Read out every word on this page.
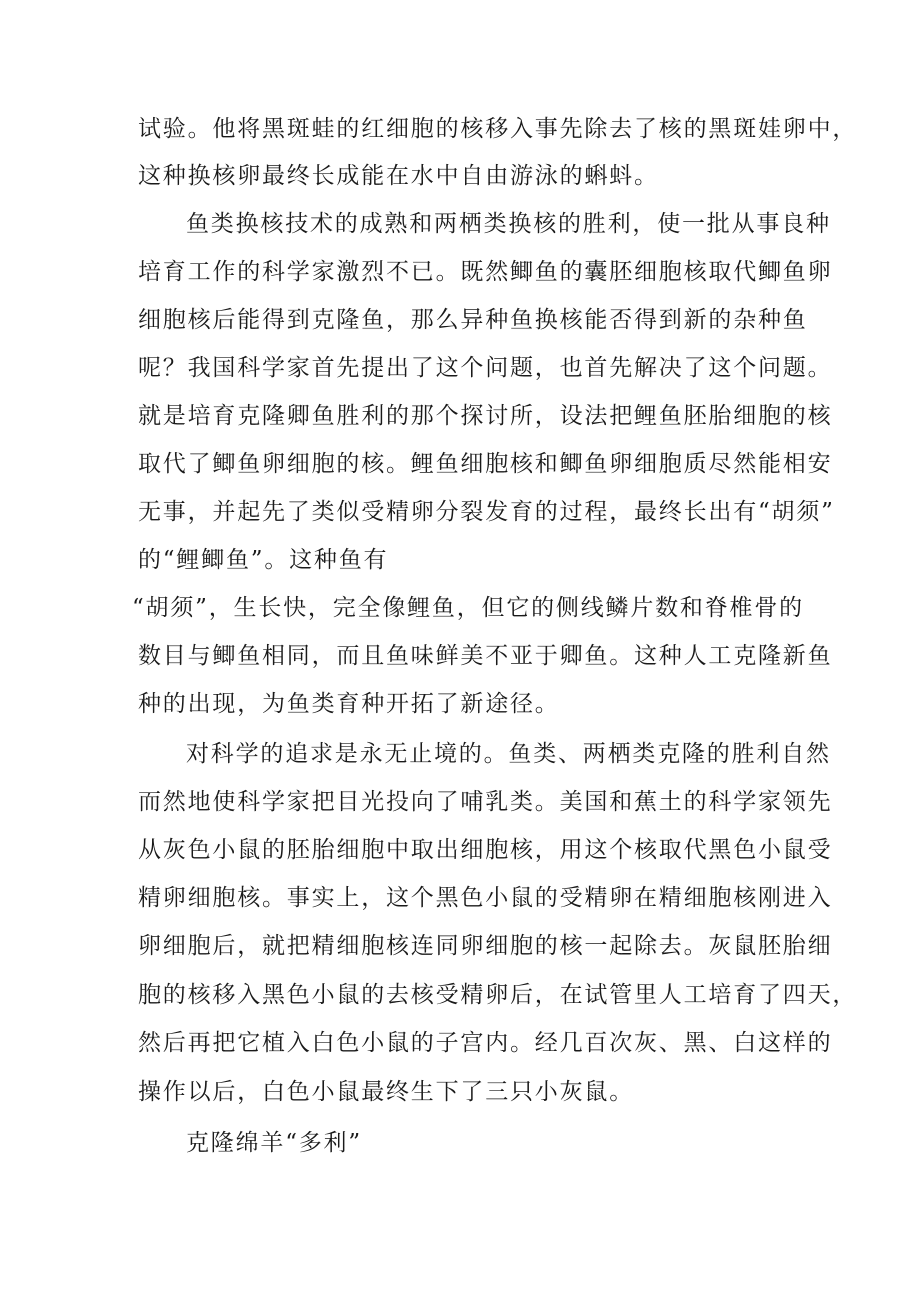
试验。他将黑斑蛙的红细胞的核移入事先除去了核的黑斑娃卵中，
这种换核卵最终长成能在水中自由游泳的蝌蚪。
鱼类换核技术的成熟和两栖类换核的胜利，使一批从事良种
培育工作的科学家激烈不已。既然鲫鱼的囊胚细胞核取代鲫鱼卵
细胞核后能得到克隆鱼，那么异种鱼换核能否得到新的杂种鱼
呢？我国科学家首先提出了这个问题，也首先解决了这个问题。
就是培育克隆卿鱼胜利的那个探讨所，设法把鲤鱼胚胎细胞的核
取代了鲫鱼卵细胞的核。鲤鱼细胞核和鲫鱼卵细胞质尽然能相安
无事，并起先了类似受精卵分裂发育的过程，最终长出有“胡须”
的“鲤鲫鱼”。这种鱼有
“胡须”，生长快，完全像鲤鱼，但它的侧线鳞片数和脊椎骨的
数目与鲫鱼相同，而且鱼味鲜美不亚于卿鱼。这种人工克隆新鱼
种的出现，为鱼类育种开拓了新途径。
对科学的追求是永无止境的。鱼类、两栖类克隆的胜利自然
而然地使科学家把目光投向了哺乳类。美国和蕉土的科学家领先
从灰色小鼠的胚胎细胞中取出细胞核，用这个核取代黑色小鼠受
精卵细胞核。事实上，这个黑色小鼠的受精卵在精细胞核刚进入
卵细胞后，就把精细胞核连同卵细胞的核一起除去。灰鼠胚胎细
胞的核移入黑色小鼠的去核受精卵后，在试管里人工培育了四天，
然后再把它植入白色小鼠的子宫内。经几百次灰、黑、白这样的
操作以后，白色小鼠最终生下了三只小灰鼠。
克隆绵羊“多利”
